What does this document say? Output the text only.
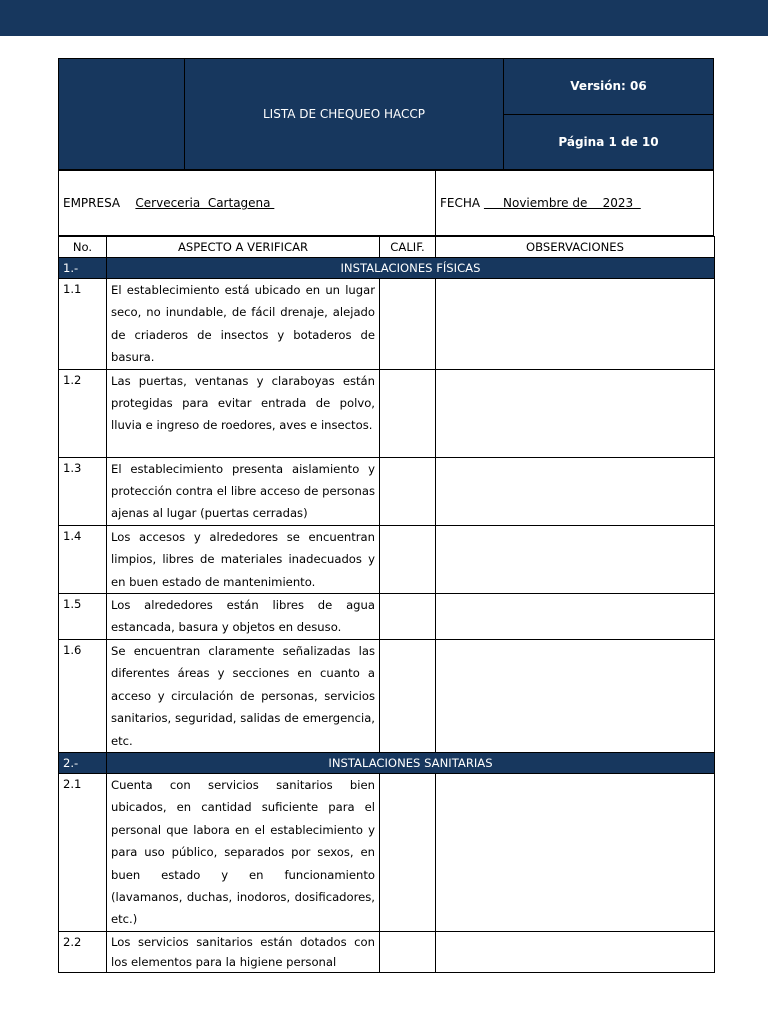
	LISTA DE CHEQUEO HACCP	Versión: 06
Página 1 de 10
EMPRESA Cerveceria  Cartagena	FECHA      Noviembre de    2023
No.	ASPECTO A VERIFICAR	CALIF.	OBSERVACIONES
1.-	INSTALACIONES FÍSICAS		
1.1	El establecimiento está ubicado en un lugar seco, no inundable, de fácil drenaje, alejado de criaderos de insectos y botaderos de basura.		
1.2	Las puertas, ventanas y claraboyas están protegidas para evitar entrada de polvo, lluvia e ingreso de roedores, aves e insectos.		
1.3	El establecimiento presenta aislamiento y protección contra el libre acceso de personas ajenas al lugar (puertas cerradas)		
1.4	Los accesos y alrededores se encuentran limpios, libres de materiales inadecuados y en buen estado de mantenimiento.		
1.5	Los alrededores están libres de agua estancada, basura y objetos en desuso.		
1.6	Se encuentran claramente señalizadas las diferentes áreas y secciones en cuanto a acceso y circulación de personas, servicios sanitarios, seguridad, salidas de emergencia, etc.		
2.-	INSTALACIONES SANITARIAS		
2.1	Cuenta con servicios sanitarios bien ubicados, en cantidad suficiente para el personal que labora en el establecimiento y para uso público, separados por sexos, en buen estado y en funcionamiento (lavamanos, duchas, inodoros, dosificadores, etc.)		
2.2	Los servicios sanitarios están dotados con los elementos para la higiene personal		
